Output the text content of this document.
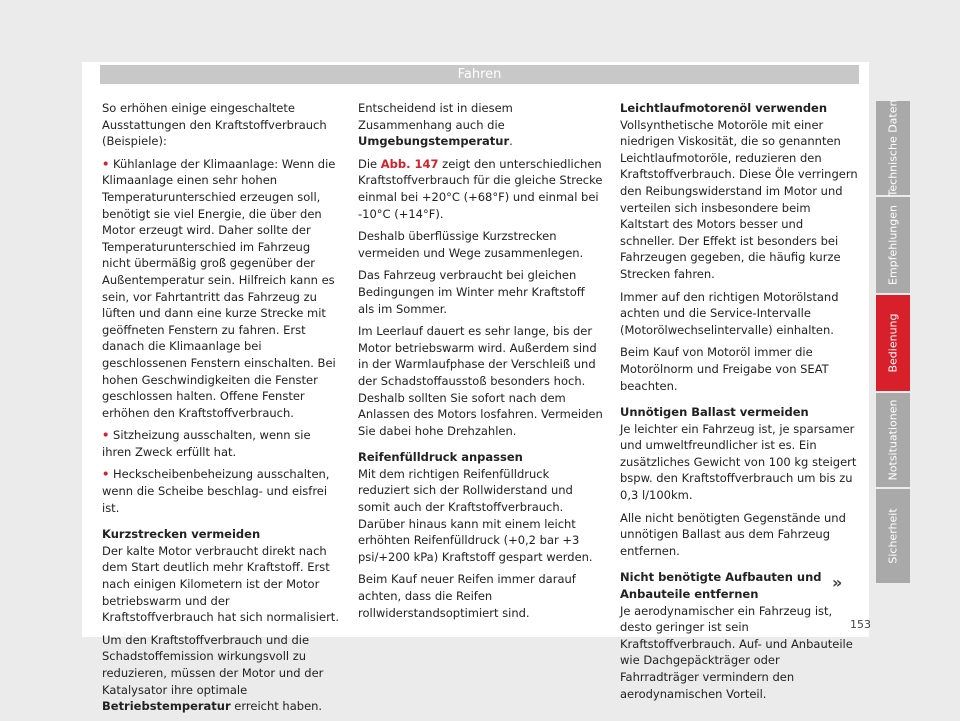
Fahren

So erhöhen einige eingeschaltete Ausstattungen den Kraftstoffverbrauch (Beispiele):

• Kühlanlage der Klimaanlage: Wenn die Klimaanlage einen sehr hohen Temperaturunterschied erzeugen soll, benötigt sie viel Energie, die über den Motor erzeugt wird. Daher sollte der Temperaturunterschied im Fahrzeug nicht übermäßig groß gegenüber der Außentemperatur sein. Hilfreich kann es sein, vor Fahrtantritt das Fahrzeug zu lüften und dann eine kurze Strecke mit geöffneten Fenstern zu fahren. Erst danach die Klimaanlage bei geschlossenen Fenstern einschalten. Bei hohen Geschwindigkeiten die Fenster geschlossen halten. Offene Fenster erhöhen den Kraftstoffverbrauch.

• Sitzheizung ausschalten, wenn sie ihren Zweck erfüllt hat.

• Heckscheibenbeheizung ausschalten, wenn die Scheibe beschlag- und eisfrei ist.

Kurzstrecken vermeiden

Der kalte Motor verbraucht direkt nach dem Start deutlich mehr Kraftstoff. Erst nach einigen Kilometern ist der Motor betriebswarm und der Kraftstoffverbrauch hat sich normalisiert.

Um den Kraftstoffverbrauch und die Schadstoffemission wirkungsvoll zu reduzieren, müssen der Motor und der Katalysator ihre optimale Betriebstemperatur erreicht haben.

Entscheidend ist in diesem Zusammenhang auch die Umgebungstemperatur.

Die Abb. 147 zeigt den unterschiedlichen Kraftstoffverbrauch für die gleiche Strecke einmal bei +20°C (+68°F) und einmal bei -10°C (+14°F).

Deshalb überflüssige Kurzstrecken vermeiden und Wege zusammenlegen.

Das Fahrzeug verbraucht bei gleichen Bedingungen im Winter mehr Kraftstoff als im Sommer.

Im Leerlauf dauert es sehr lange, bis der Motor betriebswarm wird. Außerdem sind in der Warmlaufphase der Verschleiß und der Schadstoffausstoß besonders hoch. Deshalb sollten Sie sofort nach dem Anlassen des Motors losfahren. Vermeiden Sie dabei hohe Drehzahlen.

Reifenfülldruck anpassen

Mit dem richtigen Reifenfülldruck reduziert sich der Rollwiderstand und somit auch der Kraftstoffverbrauch. Darüber hinaus kann mit einem leicht erhöhten Reifenfülldruck (+0,2 bar +3 psi/+200 kPa) Kraftstoff gespart werden.

Beim Kauf neuer Reifen immer darauf achten, dass die Reifen rollwiderstandsoptimiert sind.

Leichtlaufmotorenöl verwenden

Vollsynthetische Motoröle mit einer niedrigen Viskosität, die so genannten Leichtlaufmotoröle, reduzieren den Kraftstoffverbrauch. Diese Öle verringern den Reibungswiderstand im Motor und verteilen sich insbesondere beim Kaltstart des Motors besser und schneller. Der Effekt ist besonders bei Fahrzeugen gegeben, die häufig kurze Strecken fahren.

Immer auf den richtigen Motorölstand achten und die Service-Intervalle (Motorölwechselintervalle) einhalten.

Beim Kauf von Motoröl immer die Motorölnorm und Freigabe von SEAT beachten.

Unnötigen Ballast vermeiden

Je leichter ein Fahrzeug ist, je sparsamer und umweltfreundlicher ist es. Ein zusätzliches Gewicht von 100 kg steigert bspw. den Kraftstoffverbrauch um bis zu 0,3 l/100km.

Alle nicht benötigten Gegenstände und unnötigen Ballast aus dem Fahrzeug entfernen.

Nicht benötigte Aufbauten und Anbauteile entfernen

Je aerodynamischer ein Fahrzeug ist, desto geringer ist sein Kraftstoffverbrauch. Auf- und Anbauteile wie Dachgepäckträger oder Fahrradträger vermindern den aerodynamischen Vorteil.

»
153
Technische Daten
Empfehlungen
Bedienung
Notsituationen
Sicherheit
